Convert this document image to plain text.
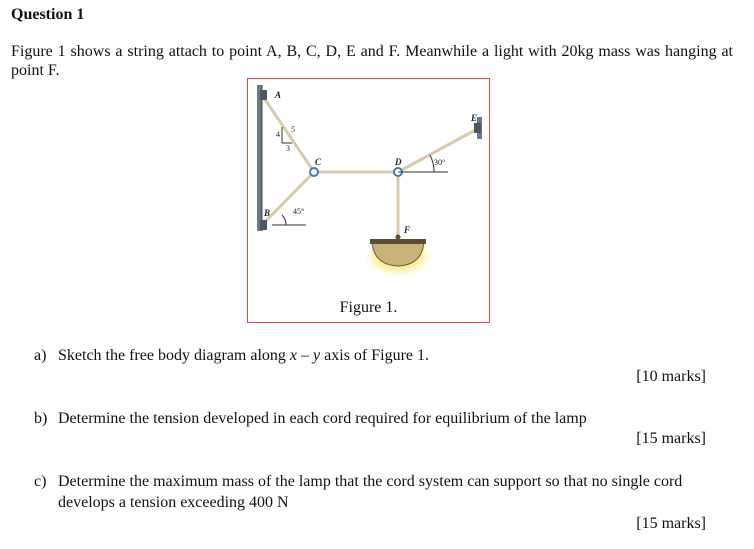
Question 1
Figure 1 shows a string attach to point A, B, C, D, E and F. Meanwhile a light with 20kg mass was hanging at point F.
A
B
C	D
E
F
45°
30°
4
3
5
Figure 1.
a) Sketch the free body diagram along x – y axis of Figure 1.
[10 marks]
b) Determine the tension developed in each cord required for equilibrium of the lamp
[15 marks]
c) Determine the maximum mass of the lamp that the cord system can support so that no single cord develops a tension exceeding 400 N
[15 marks]
